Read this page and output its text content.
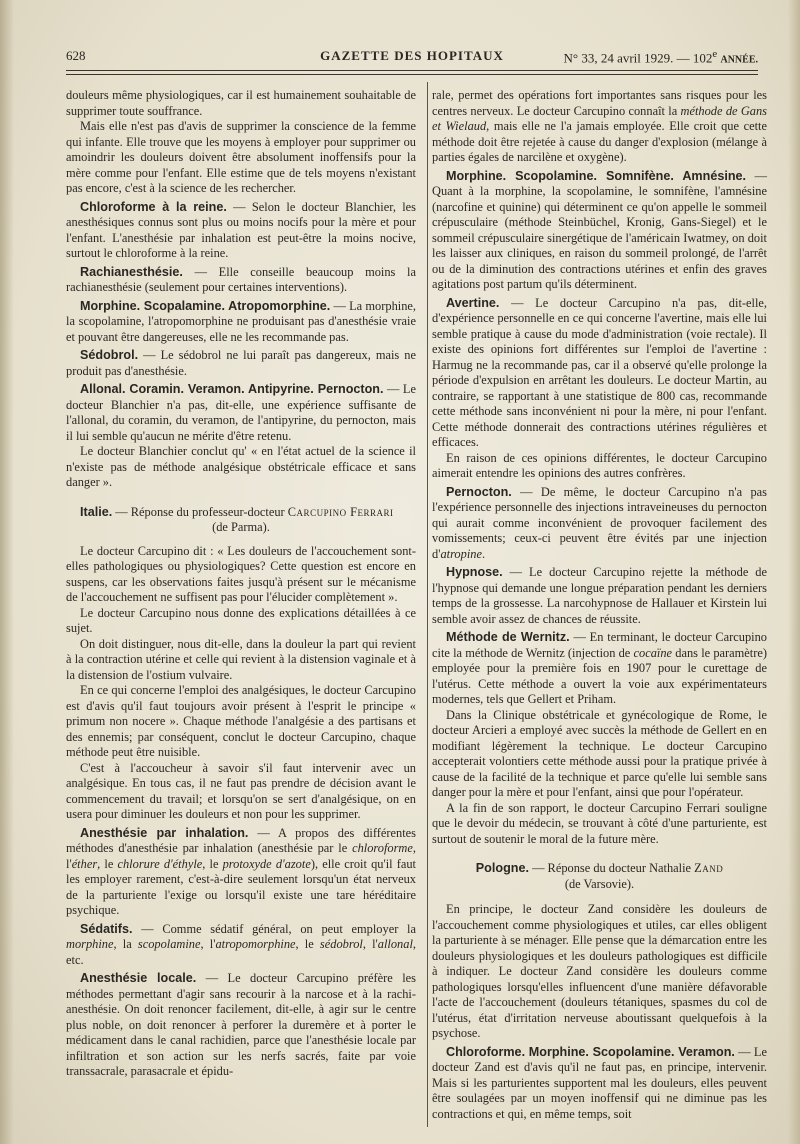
628	GAZETTE DES HOPITAUX	N° 33, 24 avril 1929. — 102e ANNÉE.

douleurs même physiologiques, car il est humainement souhaitable de supprimer toute souffrance.

Mais elle n'est pas d'avis de supprimer la conscience de la femme qui infante. Elle trouve que les moyens à employer pour supprimer ou amoindrir les douleurs doivent être absolument inoffensifs pour la mère comme pour l'enfant. Elle estime que de tels moyens n'existant pas encore, c'est à la science de les rechercher.

Chloroforme à la reine. — Selon le docteur Blanchier, les anesthésiques connus sont plus ou moins nocifs pour la mère et pour l'enfant. L'anesthésie par inhalation est peut-être la moins nocive, surtout le chloroforme à la reine.

Rachianesthésie. — Elle conseille beaucoup moins la rachianesthésie (seulement pour certaines interventions).

Morphine. Scopalamine. Atropomorphine. — La morphine, la scopolamine, l'atropomorphine ne produisant pas d'anesthésie vraie et pouvant être dangereuses, elle ne les recommande pas.

Sédobrol. — Le sédobrol ne lui paraît pas dangereux, mais ne produit pas d'anesthésie.

Allonal. Coramin. Veramon. Antipyrine. Pernocton. — Le docteur Blanchier n'a pas, dit-elle, une expérience suffisante de l'allonal, du coramin, du veramon, de l'antipyrine, du pernocton, mais il lui semble qu'aucun ne mérite d'être retenu.

Le docteur Blanchier conclut qu' « en l'état actuel de la science il n'existe pas de méthode analgésique obstétricale efficace et sans danger ».

Italie. — Réponse du professeur-docteur Carcupino Ferrari

(de Parma).

Le docteur Carcupino dit : « Les douleurs de l'accouchement sont-elles pathologiques ou physiologiques? Cette question est encore en suspens, car les observations faites jusqu'à présent sur le mécanisme de l'accouchement ne suffisent pas pour l'élucider complètement ».

Le docteur Carcupino nous donne des explications détaillées à ce sujet.

On doit distinguer, nous dit-elle, dans la douleur la part qui revient à la contraction utérine et celle qui revient à la distension vaginale et à la distension de l'ostium vulvaire.

En ce qui concerne l'emploi des analgésiques, le docteur Carcupino est d'avis qu'il faut toujours avoir présent à l'esprit le principe « primum non nocere ». Chaque méthode l'analgésie a des partisans et des ennemis; par conséquent, conclut le docteur Carcupino, chaque méthode peut être nuisible.

C'est à l'accoucheur à savoir s'il faut intervenir avec un analgésique. En tous cas, il ne faut pas prendre de décision avant le commencement du travail; et lorsqu'on se sert d'analgésique, on en usera pour diminuer les douleurs et non pour les supprimer.

Anesthésie par inhalation. — A propos des différentes méthodes d'anesthésie par inhalation (anesthésie par le chloroforme, l'éther, le chlorure d'éthyle, le protoxyde d'azote), elle croit qu'il faut les employer rarement, c'est-à-dire seulement lorsqu'un état nerveux de la parturiente l'exige ou lorsqu'il existe une tare héréditaire psychique.

Sédatifs. — Comme sédatif général, on peut employer la morphine, la scopolamine, l'atropomorphine, le sédobrol, l'allonal, etc.

Anesthésie locale. — Le docteur Carcupino préfère les méthodes permettant d'agir sans recourir à la narcose et à la rachi-anesthésie. On doit renoncer facilement, dit-elle, à agir sur le centre plus noble, on doit renoncer à perforer la duremère et à porter le médicament dans le canal rachidien, parce que l'anesthésie locale par infiltration et son action sur les nerfs sacrés, faite par voie transsacrale, parasacrale et épidu-

rale, permet des opérations fort importantes sans risques pour les centres nerveux. Le docteur Carcupino connaît la méthode de Gans et Wielaud, mais elle ne l'a jamais employée. Elle croit que cette méthode doit être rejetée à cause du danger d'explosion (mélange à parties égales de narcilène et oxygène).

Morphine. Scopolamine. Somnifène. Amnésine. — Quant à la morphine, la scopolamine, le somnifène, l'amnésine (narcofine et quinine) qui déterminent ce qu'on appelle le sommeil crépusculaire (méthode Steinbüchel, Kronig, Gans-Siegel) et le sommeil crépusculaire sinergétique de l'américain Iwatmey, on doit les laisser aux cliniques, en raison du sommeil prolongé, de l'arrêt ou de la diminution des contractions utérines et enfin des graves agitations post partum qu'ils déterminent.

Avertine. — Le docteur Carcupino n'a pas, dit-elle, d'expérience personnelle en ce qui concerne l'avertine, mais elle lui semble pratique à cause du mode d'administration (voie rectale). Il existe des opinions fort différentes sur l'emploi de l'avertine : Harmug ne la recommande pas, car il a observé qu'elle prolonge la période d'expulsion en arrêtant les douleurs. Le docteur Martin, au contraire, se rapportant à une statistique de 800 cas, recommande cette méthode sans inconvénient ni pour la mère, ni pour l'enfant. Cette méthode donnerait des contractions utérines régulières et efficaces.

En raison de ces opinions différentes, le docteur Carcupino aimerait entendre les opinions des autres confrères.

Pernocton. — De même, le docteur Carcupino n'a pas l'expérience personnelle des injections intraveineuses du pernocton qui aurait comme inconvénient de provoquer facilement des vomissements; ceux-ci peuvent être évités par une injection d'atropine.

Hypnose. — Le docteur Carcupino rejette la méthode de l'hypnose qui demande une longue préparation pendant les derniers temps de la grossesse. La narcohypnose de Hallauer et Kirstein lui semble avoir assez de chances de réussite.

Méthode de Wernitz. — En terminant, le docteur Carcupino cite la méthode de Wernitz (injection de cocaïne dans le paramètre) employée pour la première fois en 1907 pour le curettage de l'utérus. Cette méthode a ouvert la voie aux expérimentateurs modernes, tels que Gellert et Priham.

Dans la Clinique obstétricale et gynécologique de Rome, le docteur Arcieri a employé avec succès la méthode de Gellert en en modifiant légèrement la technique. Le docteur Carcupino accepterait volontiers cette méthode aussi pour la pratique privée à cause de la facilité de la technique et parce qu'elle lui semble sans danger pour la mère et pour l'enfant, ainsi que pour l'opérateur.

A la fin de son rapport, le docteur Carcupino Ferrari souligne que le devoir du médecin, se trouvant à côté d'une parturiente, est surtout de soutenir le moral de la future mère.

Pologne. — Réponse du docteur Nathalie Zand

(de Varsovie).

En principe, le docteur Zand considère les douleurs de l'accouchement comme physiologiques et utiles, car elles obligent la parturiente à se ménager. Elle pense que la démarcation entre les douleurs physiologiques et les douleurs pathologiques est difficile à indiquer. Le docteur Zand considère les douleurs comme pathologiques lorsqu'elles influencent d'une manière défavorable l'acte de l'accouchement (douleurs tétaniques, spasmes du col de l'utérus, état d'irritation nerveuse aboutissant quelquefois à la psychose.

Chloroforme. Morphine. Scopolamine. Veramon. — Le docteur Zand est d'avis qu'il ne faut pas, en principe, intervenir. Mais si les parturientes supportent mal les douleurs, elles peuvent être soulagées par un moyen inoffensif qui ne diminue pas les contractions et qui, en même temps, soit
